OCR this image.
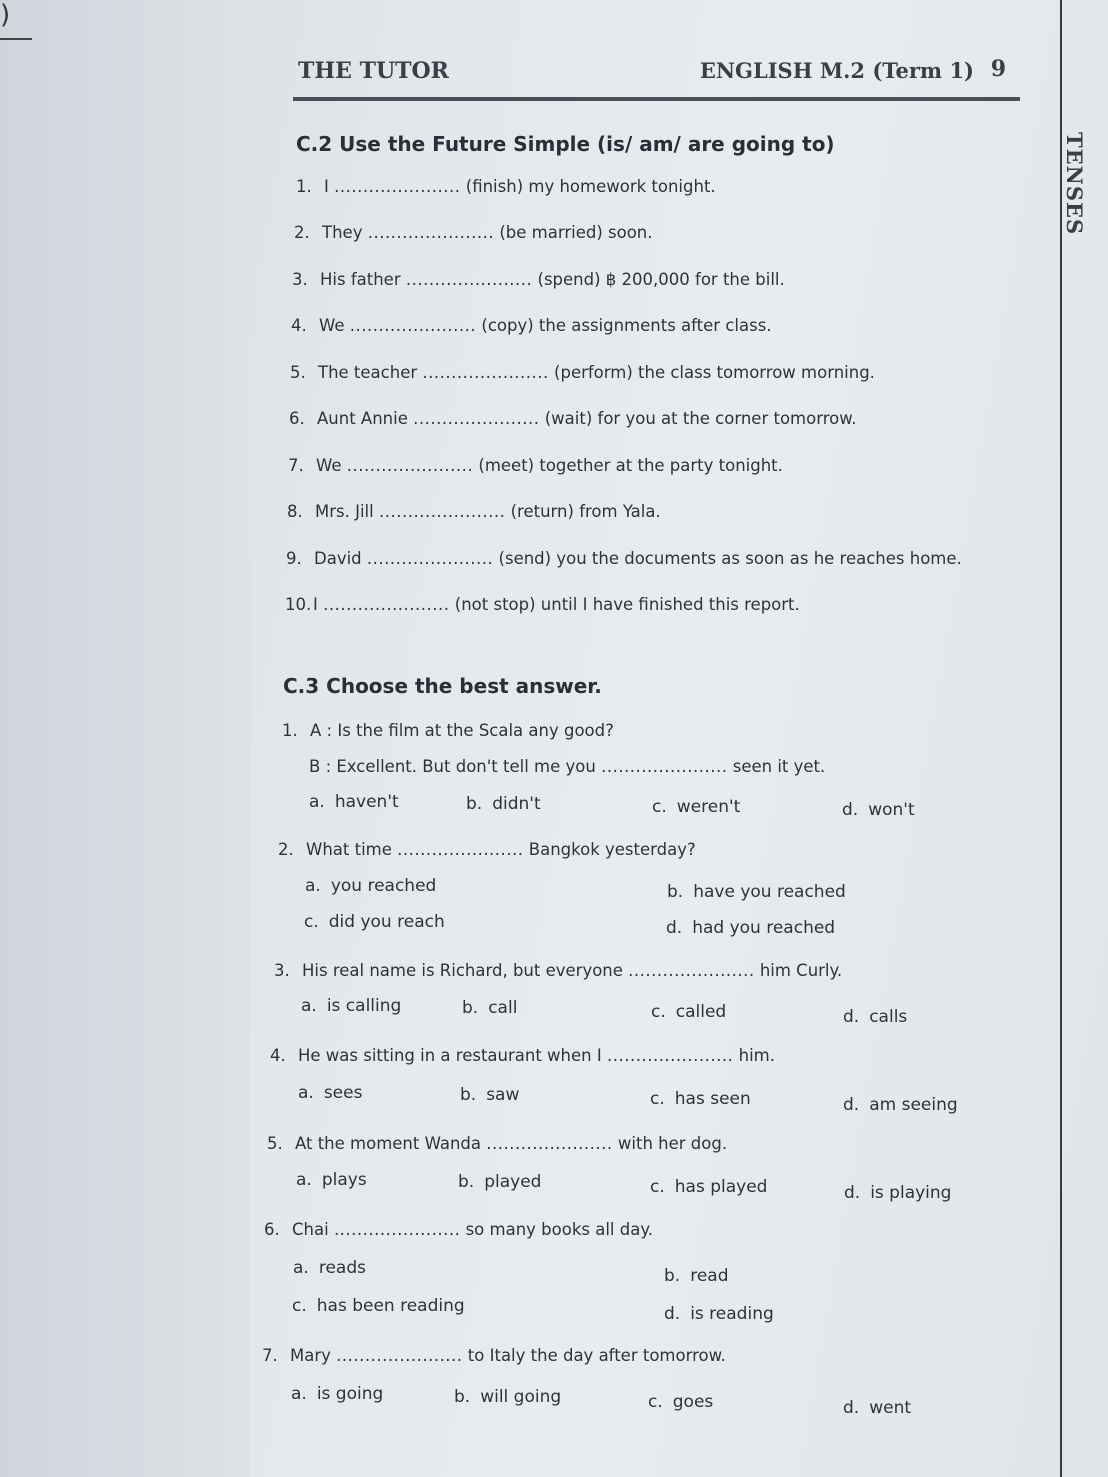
)
THE TUTOR	ENGLISH M.2 (Term 1) 9
TENSES
C.2 Use the Future Simple (is/ am/ are going to)
1. I ...................... (finish) my homework tonight.
2. They ...................... (be married) soon.
3. His father ...................... (spend) ฿ 200,000 for the bill.
4. We ...................... (copy) the assignments after class.
5. The teacher ...................... (perform) the class tomorrow morning.
6. Aunt Annie ...................... (wait) for you at the corner tomorrow.
7. We ...................... (meet) together at the party tonight.
8. Mrs. Jill ...................... (return) from Yala.
9. David ...................... (send) you the documents as soon as he reaches home.
10. I ...................... (not stop) until I have finished this report.
C.3 Choose the best answer.
1. A : Is the film at the Scala any good?
B : Excellent. But don't tell me you ...................... seen it yet.
a. haven't	b. didn't	c. weren't	d. won't
2. What time ...................... Bangkok yesterday?
a. you reached	b. have you reached
c. did you reach	d. had you reached
3. His real name is Richard, but everyone ...................... him Curly.
a. is calling	b. call	c. called	d. calls
4. He was sitting in a restaurant when I ...................... him.
a. sees	b. saw	c. has seen	d. am seeing
5. At the moment Wanda ...................... with her dog.
a. plays	b. played	c. has played	d. is playing
6. Chai ...................... so many books all day.
a. reads	b. read
c. has been reading	d. is reading
7. Mary ...................... to Italy the day after tomorrow.
a. is going	b. will going	c. goes	d. went
